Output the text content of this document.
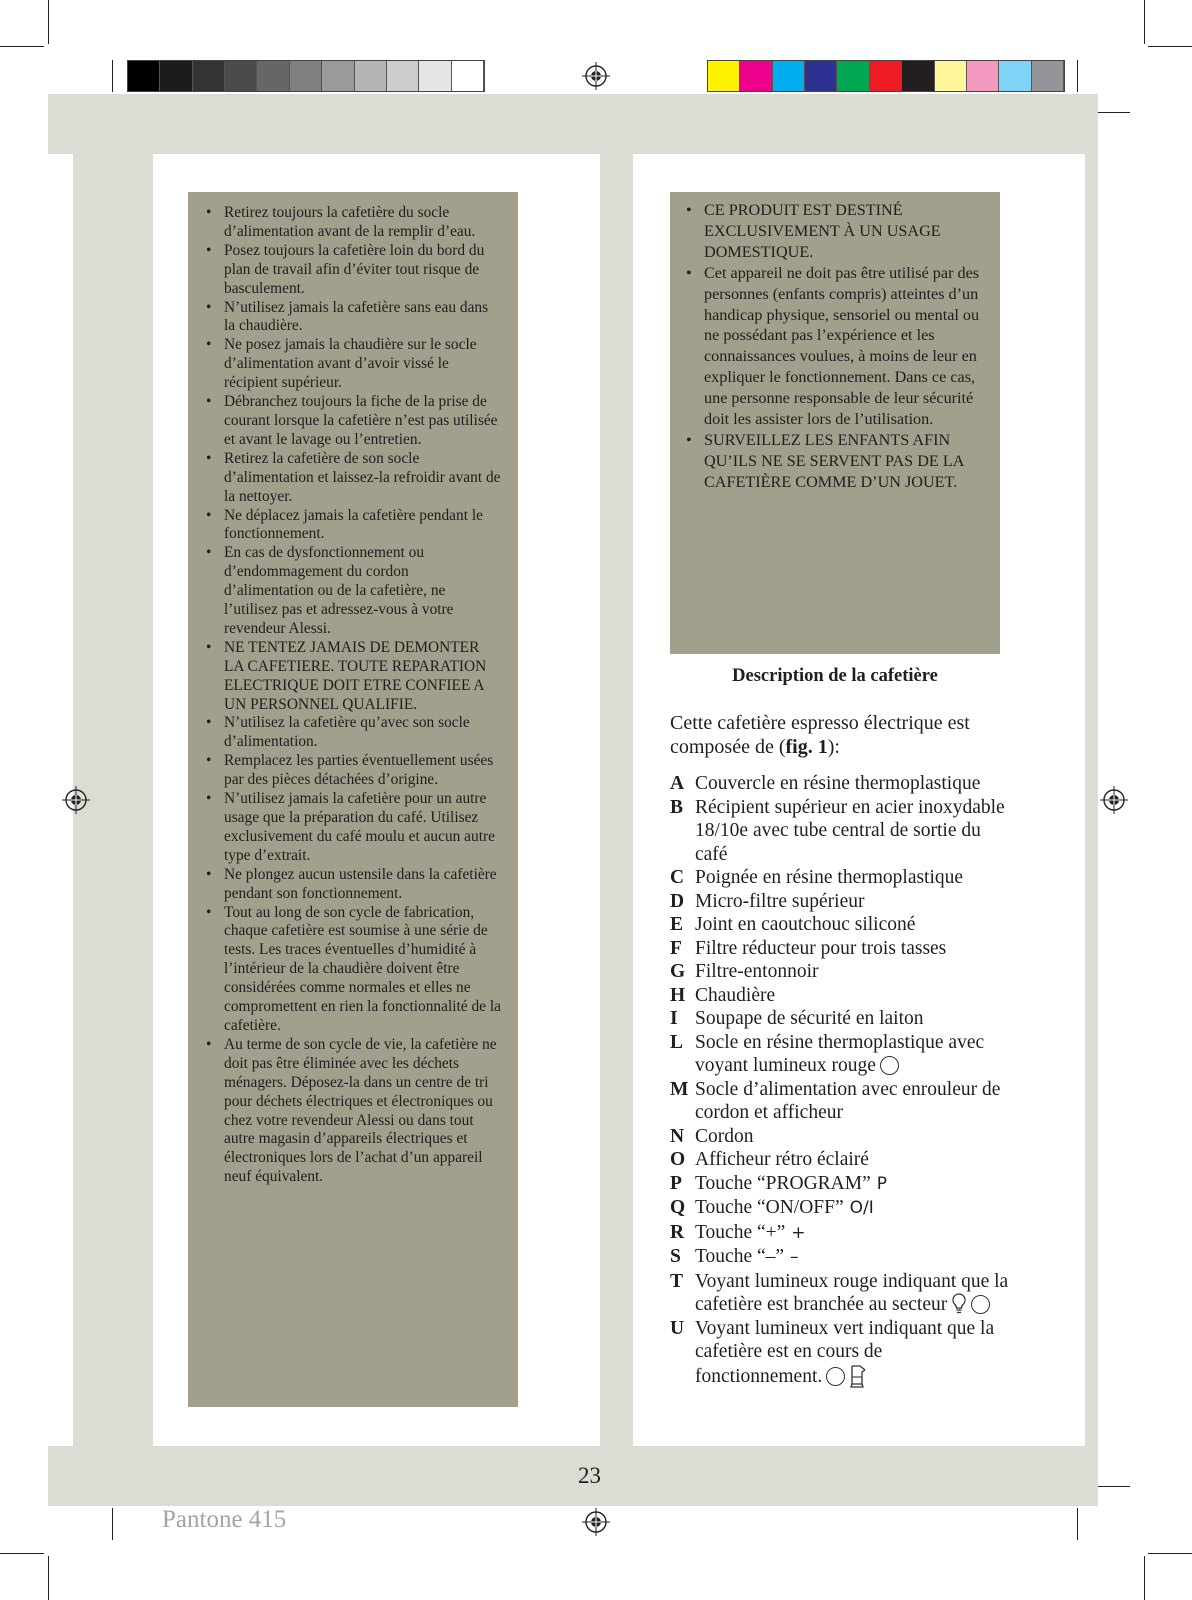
• Retirez toujours la cafetière du socle d’alimentation avant de la remplir d’eau.
• Posez toujours la cafetière loin du bord du plan de travail afin d’éviter tout risque de basculement.
• N’utilisez jamais la cafetière sans eau dans la chaudière.
• Ne posez jamais la chaudière sur le socle d’alimentation avant d’avoir vissé le récipient supérieur.
• Débranchez toujours la fiche de la prise de courant lorsque la cafetière n’est pas utilisée et avant le lavage ou l’entretien.
• Retirez la cafetière de son socle d’alimentation et laissez-la refroidir avant de la nettoyer.
• Ne déplacez jamais la cafetière pendant le fonctionnement.
• En cas de dysfonctionnement ou d’endommagement du cordon d’alimentation ou de la cafetière, ne l’utilisez pas et adressez-vous à votre revendeur Alessi.
• NE TENTEZ JAMAIS DE DEMONTER LA CAFETIERE. TOUTE REPARATION ELECTRIQUE DOIT ETRE CONFIEE A UN PERSONNEL QUALIFIE.
• N’utilisez la cafetière qu’avec son socle d’alimentation.
• Remplacez les parties éventuellement usées par des pièces détachées d’origine.
• N’utilisez jamais la cafetière pour un autre usage que la préparation du café. Utilisez exclusivement du café moulu et aucun autre type d’extrait.
• Ne plongez aucun ustensile dans la cafetière pendant son fonctionnement.
• Tout au long de son cycle de fabrication, chaque cafetière est soumise à une série de tests. Les traces éventuelles d’humidité à l’intérieur de la chaudière doivent être considérées comme normales et elles ne compromettent en rien la fonctionnalité de la cafetière.
• Au terme de son cycle de vie, la cafetière ne doit pas être éliminée avec les déchets ménagers. Déposez-la dans un centre de tri pour déchets électriques et électroniques ou chez votre revendeur Alessi ou dans tout autre magasin d’appareils électriques et électroniques lors de l’achat d’un appareil neuf équivalent.
• CE PRODUIT EST DESTINÉ EXCLUSIVEMENT À UN USAGE DOMESTIQUE.
• Cet appareil ne doit pas être utilisé par des personnes (enfants compris) atteintes d’un handicap physique, sensoriel ou mental ou ne possédant pas l’expérience et les connaissances voulues, à moins de leur en expliquer le fonctionnement. Dans ce cas, une personne responsable de leur sécurité doit les assister lors de l’utilisation.
• SURVEILLEZ LES ENFANTS AFIN QU’ILS NE SE SERVENT PAS DE LA CAFETIÈRE COMME D’UN JOUET.
Description de la cafetière
Cette cafetière espresso électrique est composée de (fig. 1):
A Couvercle en résine thermoplastique
B Récipient supérieur en acier inoxydable 18/10e avec tube central de sortie du café
C Poignée en résine thermoplastique
D Micro-filtre supérieur
E Joint en caoutchouc siliconé
F Filtre réducteur pour trois tasses
G Filtre-entonnoir
H Chaudière
I Soupape de sécurité en laiton
L Socle en résine thermoplastique avec voyant lumineux rouge
M Socle d’alimentation avec enrouleur de cordon et afficheur
N Cordon
O Afficheur rétro éclairé
P Touche “PROGRAM” P
Q Touche “ON/OFF” O/I
R Touche “+” +
S Touche “–” –
T Voyant lumineux rouge indiquant que la cafetière est branchée au secteur
U Voyant lumineux vert indiquant que la cafetière est en cours de fonctionnement.
23
Pantone 415
